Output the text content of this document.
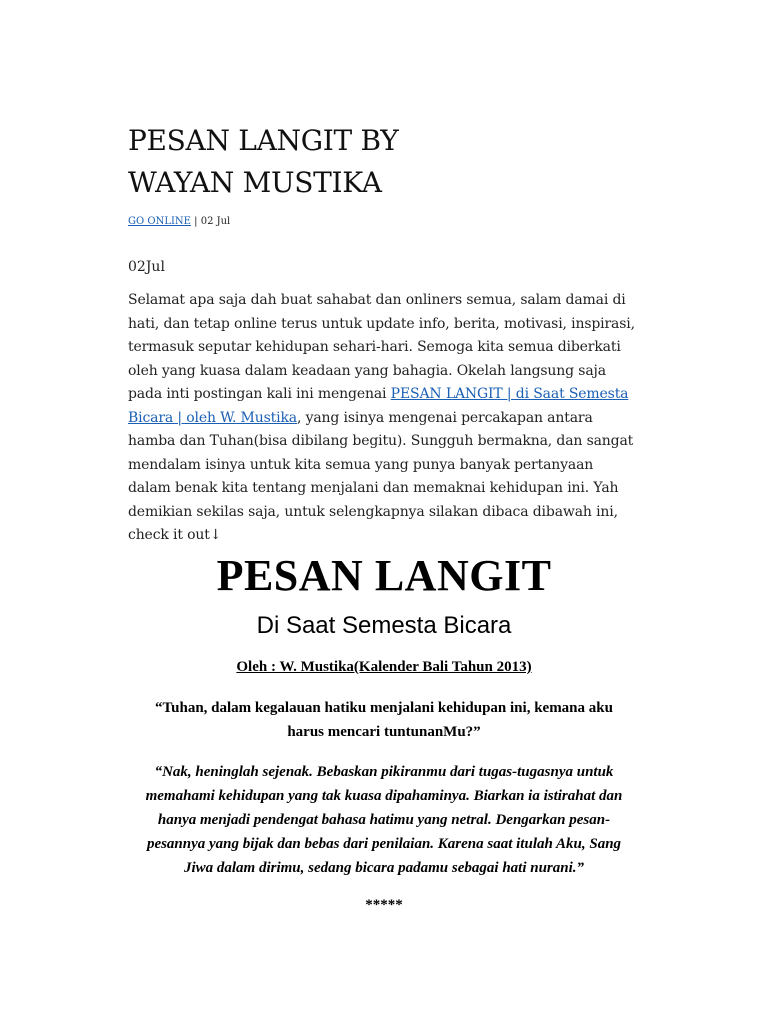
PESAN LANGIT BY
WAYAN MUSTIKA
GO ONLINE | 02 Jul
02Jul
Selamat apa saja dah buat sahabat dan onliners semua, salam damai di hati, dan tetap online terus untuk update info, berita, motivasi, inspirasi, termasuk seputar kehidupan sehari-hari. Semoga kita semua diberkati oleh yang kuasa dalam keadaan yang bahagia. Okelah langsung saja pada inti postingan kali ini mengenai PESAN LANGIT | di Saat Semesta Bicara | oleh W. Mustika, yang isinya mengenai percakapan antara hamba dan Tuhan(bisa dibilang begitu). Sungguh bermakna, dan sangat mendalam isinya untuk kita semua yang punya banyak pertanyaan dalam benak kita tentang menjalani dan memaknai kehidupan ini. Yah demikian sekilas saja, untuk selengkapnya silakan dibaca dibawah ini, check it out↓
PESAN LANGIT
Di Saat Semesta Bicara
Oleh : W. Mustika(Kalender Bali Tahun 2013)
“Tuhan, dalam kegalauan hatiku menjalani kehidupan ini, kemana aku harus mencari tuntunanMu?”
“Nak, heninglah sejenak. Bebaskan pikiranmu dari tugas-tugasnya untuk memahami kehidupan yang tak kuasa dipahaminya. Biarkan ia istirahat dan hanya menjadi pendengat bahasa hatimu yang netral. Dengarkan pesan-pesannya yang bijak dan bebas dari penilaian. Karena saat itulah Aku, Sang Jiwa dalam dirimu, sedang bicara padamu sebagai hati nurani.”
*****
